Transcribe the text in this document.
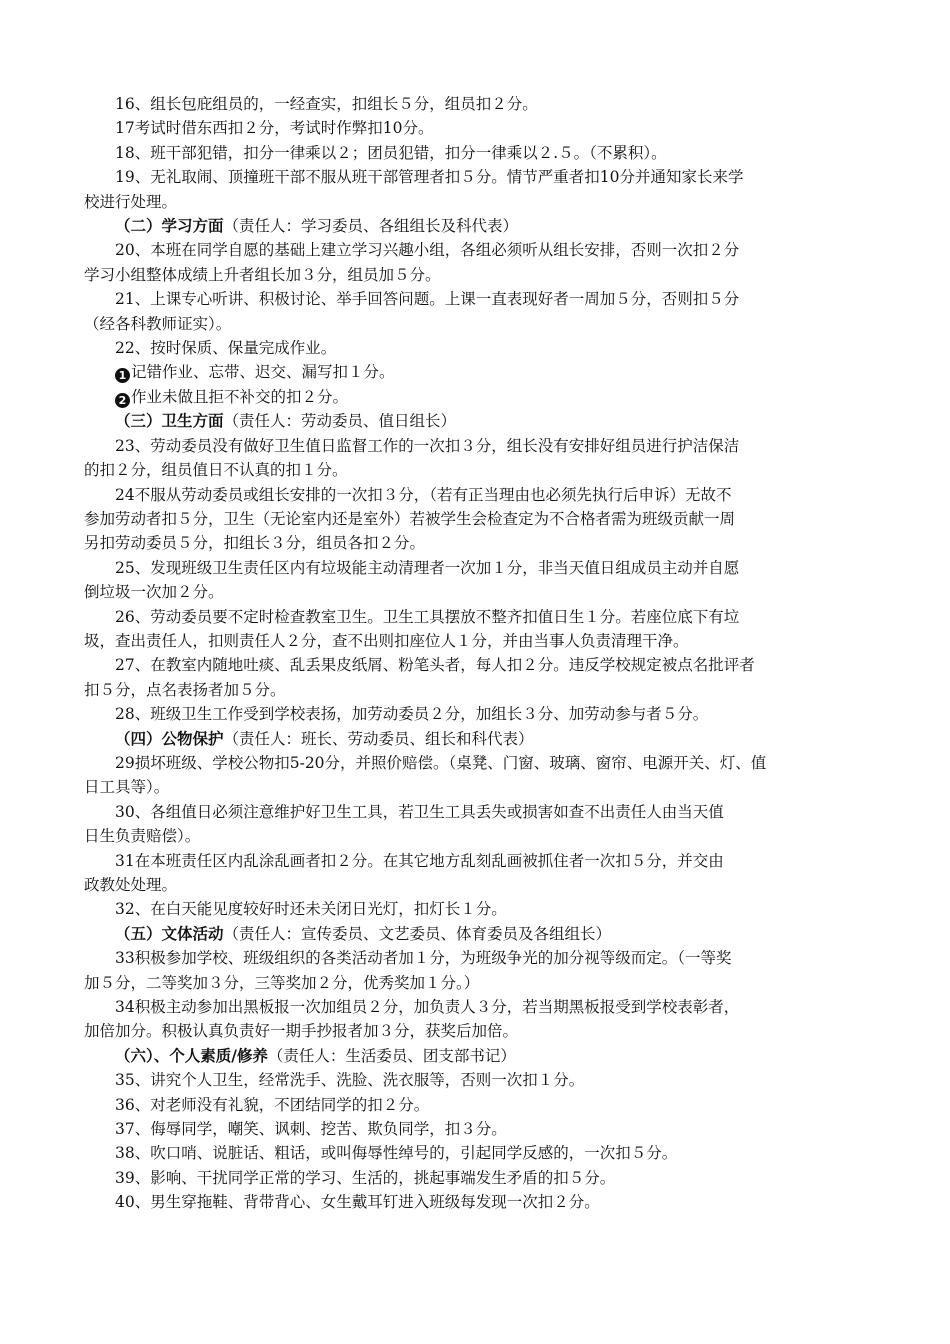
16、组长包庇组员的，一经查实，扣组长５分，组员扣２分。
17考试时借东西扣２分，考试时作弊扣10分。
18、班干部犯错，扣分一律乘以２；团员犯错，扣分一律乘以２.５。（不累积）。
19、无礼取闹、顶撞班干部不服从班干部管理者扣５分。情节严重者扣10分并通知家长来学
校进行处理。
（二）学习方面（责任人：学习委员、各组组长及科代表）
20、本班在同学自愿的基础上建立学习兴趣小组，各组必须听从组长安排，否则一次扣２分
学习小组整体成绩上升者组长加３分，组员加５分。
21、上课专心听讲、积极讨论、举手回答问题。上课一直表现好者一周加５分，否则扣５分
（经各科教师证实）。
22、按时保质、保量完成作业。
1 记错作业、忘带、迟交、漏写扣１分。
2 作业未做且拒不补交的扣２分。
（三）卫生方面（责任人：劳动委员、值日组长）
23、劳动委员没有做好卫生值日监督工作的一次扣３分，组长没有安排好组员进行护洁保洁
的扣２分，组员值日不认真的扣１分。
24不服从劳动委员或组长安排的一次扣３分，（若有正当理由也必须先执行后申诉）无故不
参加劳动者扣５分，卫生（无论室内还是室外）若被学生会检查定为不合格者需为班级贡献一周
另扣劳动委员５分，扣组长３分，组员各扣２分。
25、发现班级卫生责任区内有垃圾能主动清理者一次加１分，非当天值日组成员主动并自愿
倒垃圾一次加２分。
26、劳动委员要不定时检查教室卫生。卫生工具摆放不整齐扣值日生１分。若座位底下有垃
圾，查出责任人，扣则责任人２分，查不出则扣座位人１分，并由当事人负责清理干净。
27、在教室内随地吐痰、乱丢果皮纸屑、粉笔头者，每人扣２分。违反学校规定被点名批评者
扣５分，点名表扬者加５分。
28、班级卫生工作受到学校表扬，加劳动委员２分，加组长３分、加劳动参与者５分。
（四）公物保护（责任人：班长、劳动委员、组长和科代表）
29损坏班级、学校公物扣5-20分，并照价赔偿。（桌凳、门窗、玻璃、窗帘、电源开关、灯、值
日工具等）。
30、各组值日必须注意维护好卫生工具，若卫生工具丢失或损害如查不出责任人由当天值
日生负责赔偿）。
31在本班责任区内乱涂乱画者扣２分。在其它地方乱刻乱画被抓住者一次扣５分，并交由
政教处处理。
32、在白天能见度较好时还未关闭日光灯，扣灯长１分。
（五）文体活动（责任人：宣传委员、文艺委员、体育委员及各组组长）
33积极参加学校、班级组织的各类活动者加１分，为班级争光的加分视等级而定。（一等奖
加５分，二等奖加３分，三等奖加２分，优秀奖加１分。）
34积极主动参加出黑板报一次加组员２分，加负责人３分，若当期黑板报受到学校表彰者，
加倍加分。积极认真负责好一期手抄报者加３分，获奖后加倍。
（六）、个人素质/修养（责任人：生活委员、团支部书记）
35、讲究个人卫生，经常洗手、洗脸、洗衣服等，否则一次扣１分。
36、对老师没有礼貌，不团结同学的扣２分。
37、侮辱同学，嘲笑、讽刺、挖苦、欺负同学，扣３分。
38、吹口哨、说脏话、粗话，或叫侮辱性绰号的，引起同学反感的，一次扣５分。
39、影响、干扰同学正常的学习、生活的，挑起事端发生矛盾的扣５分。
40、男生穿拖鞋、背带背心、女生戴耳钉进入班级每发现一次扣２分。
